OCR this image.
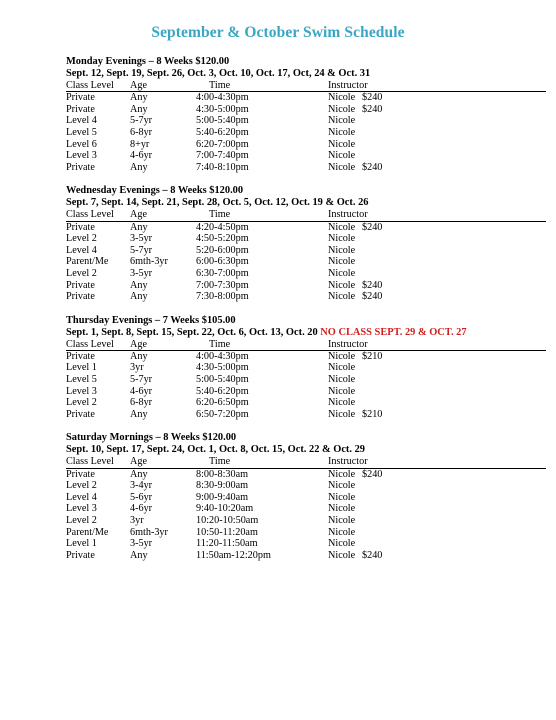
September & October Swim Schedule
Monday Evenings – 8 Weeks $120.00
Sept. 12, Sept. 19, Sept. 26, Oct. 3, Oct. 10, Oct. 17, Oct, 24 & Oct. 31
Class Level Age	Time	Instructor
Private	Any	4:00-4:30pm	Nicole $240
Private	Any	4:30-5:00pm	Nicole $240
Level 4	5-7yr	5:00-5:40pm	Nicole
Level 5	6-8yr	5:40-6:20pm	Nicole
Level 6	8+yr	6:20-7:00pm	Nicole
Level 3	4-6yr	7:00-7:40pm	Nicole
Private	Any	7:40-8:10pm	Nicole $240
Wednesday Evenings – 8 Weeks $120.00
Sept. 7, Sept. 14, Sept. 21, Sept. 28, Oct. 5, Oct. 12, Oct. 19 & Oct. 26
Class Level Age	Time	Instructor
Private	Any	4:20-4:50pm	Nicole $240
Level 2	3-5yr	4:50-5:20pm	Nicole
Level 4	5-7yr	5:20-6:00pm	Nicole
Parent/Me 6mth-3yr	6:00-6:30pm	Nicole
Level 2	3-5yr	6:30-7:00pm	Nicole
Private	Any	7:00-7:30pm	Nicole $240
Private	Any	7:30-8:00pm	Nicole $240
Thursday Evenings – 7 Weeks $105.00
Sept. 1, Sept. 8, Sept. 15, Sept. 22, Oct. 6, Oct. 13, Oct. 20 NO CLASS SEPT. 29 & OCT. 27
Class Level Age	Time	Instructor
Private	Any	4:00-4:30pm	Nicole $210
Level 1	3yr	4:30-5:00pm	Nicole
Level 5	5-7yr	5:00-5:40pm	Nicole
Level 3	4-6yr	5:40-6:20pm	Nicole
Level 2	6-8yr	6:20-6:50pm	Nicole
Private	Any	6:50-7:20pm	Nicole $210
Saturday Mornings – 8 Weeks $120.00
Sept. 10, Sept. 17, Sept. 24, Oct. 1, Oct. 8, Oct. 15, Oct. 22 & Oct. 29
Class Level Age	Time	Instructor
Private	Any	8:00-8:30am	Nicole $240
Level 2	3-4yr	8:30-9:00am	Nicole
Level 4	5-6yr	9:00-9:40am	Nicole
Level 3	4-6yr	9:40-10:20am	Nicole
Level 2	3yr	10:20-10:50am	Nicole
Parent/Me 6mth-3yr	10:50-11:20am	Nicole
Level 1	3-5yr	11:20-11:50am	Nicole
Private	Any	11:50am-12:20pm	Nicole $240
